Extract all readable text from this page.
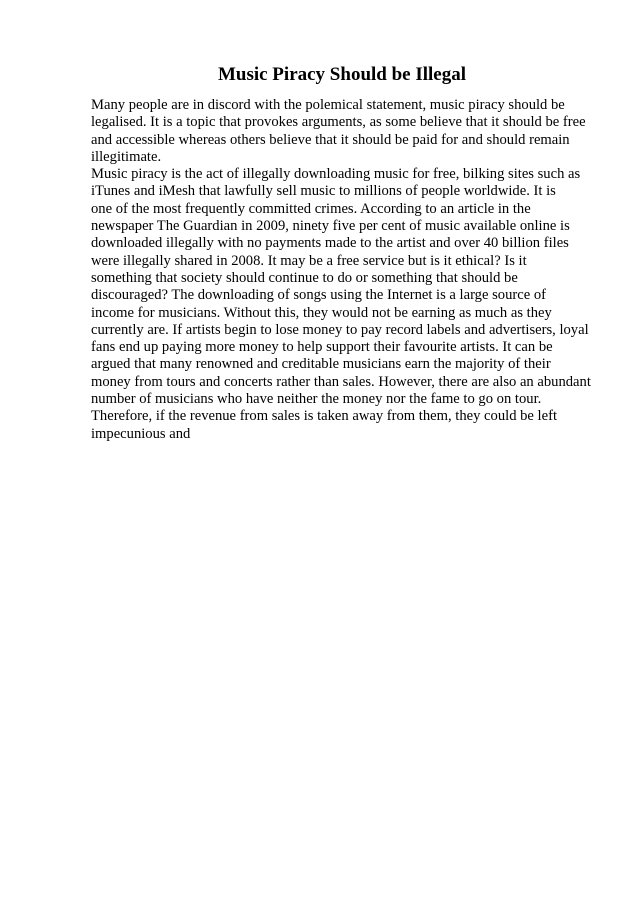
Music Piracy Should be Illegal
Many people are in discord with the polemical statement, music piracy should be
legalised. It is a topic that provokes arguments, as some believe that it should be free
and accessible whereas others believe that it should be paid for and should remain
illegitimate.
Music piracy is the act of illegally downloading music for free, bilking sites such as
iTunes and iMesh that lawfully sell music to millions of people worldwide. It is
one of the most frequently committed crimes. According to an article in the
newspaper The Guardian in 2009, ninety five per cent of music available online is
downloaded illegally with no payments made to the artist and over 40 billion files
were illegally shared in 2008. It may be a free service but is it ethical? Is it
something that society should continue to do or something that should be
discouraged? The downloading of songs using the Internet is a large source of
income for musicians. Without this, they would not be earning as much as they
currently are. If artists begin to lose money to pay record labels and advertisers, loyal
fans end up paying more money to help support their favourite artists. It can be
argued that many renowned and creditable musicians earn the majority of their
money from tours and concerts rather than sales. However, there are also an abundant
number of musicians who have neither the money nor the fame to go on tour.
Therefore, if the revenue from sales is taken away from them, they could be left
impecunious and
